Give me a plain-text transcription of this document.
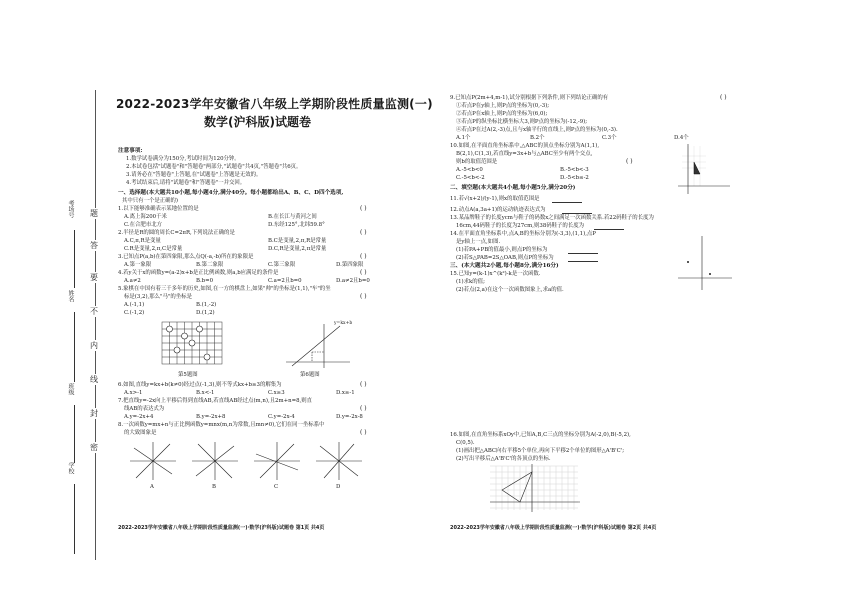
考场号
姓名
班级
学校
题
答
要
不
内
线
封
密
2022-2023学年安徽省八年级上学期阶段性质量监测(一)
数学(沪科版)试题卷
注意事项:
1.数学试卷满分为150分,考试时间为120分钟。
2.本试卷包括"试题卷"和"答题卷"两部分,"试题卷"共4页,"答题卷"共6页。
3.请务必在"答题卷"上答题,在"试题卷"上答题是无效的。
4.考试结束后,请将"试题卷"和"答题卷"一并交回。
一、选择题(本大题共10小题,每小题4分,满分40分。每小题都给出A、B、C、D四个选项,
其中只有一个是正确的)
1.以下能够准确表示某地位置的是	( )
A.离上海200千米	B.在长江与黄河之间
C.在合肥市北方	D.东经125°,北纬59.8°
2.半径是R的圆的周长C=2πR,下列说法正确的是	( )
A.C,π,R是变量	B.C是变量,2,π,R是常量
C.R是变量,2,π,C是常量	D.C,R是变量,2,π是常量
3.已知点P(a,b)在第四象限,那么点Q(-a,-b)所在的象限是	( )
A.第一象限	B.第二象限	C.第三象限	D.第四象限
4.若y关于x的函数y=(a-2)x+b是正比例函数,则a,b应满足的条件是	( )
A.a≠2	B.b=0	C.a=2且b=0	D.a≠2且b=0
5.象棋在中国有着三千多年的历史,如图,在一方的棋盘上,如果"帅"的坐标是(1,1),"车"的坐
标是(3,2),那么"马"的坐标是	( )
A.(-1,1)	B.(1,-2)
C.(-1,2)	D.(1,2)
第5题图
y=kx+b
第6题图
6.如图,直线y=kx+b(k≠0)经过点(-1,3),则不等式kx+b≥3的解集为	( )
A.x>-1	B.x<-1	C.x≥3	D.x≥-1
7.把直线y=-2x向上平移后得到直线AB,若直线AB经过点(m,n),且2m+n=8,则直
线AB的表达式为	( )
A.y=-2x+4	B.y=-2x+8	C.y=-2x-4	D.y=-2x-8
8.一次函数y=mx+n与正比例函数y=mnx(m,n为常数,且mn≠0),它们在同一坐标系中
的大致图象是	( )
A	B	C	D
2022-2023学年安徽省八年级上学期阶段性质量监测(一)·数学(沪科版)试题卷 第1页 共4页
9.已知点P(2m+4,m-1),试分别根据下列条件,则下列结论正确的有	( )
①若点P在y轴上,则P点的坐标为(0,-3);
②若点P在x轴上,则P点的坐标为(6,0);
③若点P的纵坐标比横坐标大3,则P点的坐标为(-12,-9);
④若点P在过A(2,-3)点,且与x轴平行的直线上,则P点的坐标为(0,-3).
A.1个	B.2个	C.3个	D.4个
10.如图,在平面直角坐标系中,△ABC的顶点坐标分别为A(1,1),
B(2,1),C(1,3),若直线y=3x+b与△ABC至少有两个交点,
则b的取值范围是	( )
A.-5<b<0	B.-5<b<-3
C.-5<b<-2	D.-5<b≤-2
二、填空题(本大题共4小题,每小题5分,满分20分)
11.若√(x+2)/(y-1),则x的取值范围是
12.动点A(a,3a+1)的运动轨迹表达式为
13.某品牌鞋子的长度ycm与鞋子的码数x之间满足一次函数关系.若22码鞋子的长度为
16cm,44码鞋子的长度为27cm,则38码鞋子的长度为
14.在平面直角坐标系中,点A,B的坐标分别为(-3,3),(1,1),点P
是y轴上一点,如图.
(1)若PA+PB的值最小,则点P的坐标为
(2)若S△PAB=2S△OAB,则点P的坐标为
三、(本大题共2小题,每小题8分,满分16分)
15.已知y=(k-1)x^(k²)-k是一次函数.
(1)求k的值;
(2)若点(2,a)在这个一次函数图象上,求a的值.
16.如图,在直角坐标系xOy中,已知A,B,C三点的坐标分别为A(-2,0),B(-5,2),
C(0,5).
(1)画出把△ABC向右平移5个单位,再向下平移2个单位的图形△A'B'C';
(2)写出平移后△A'B'C'的各顶点的坐标.
2022-2023学年安徽省八年级上学期阶段性质量监测(一)·数学(沪科版)试题卷 第2页 共4页
